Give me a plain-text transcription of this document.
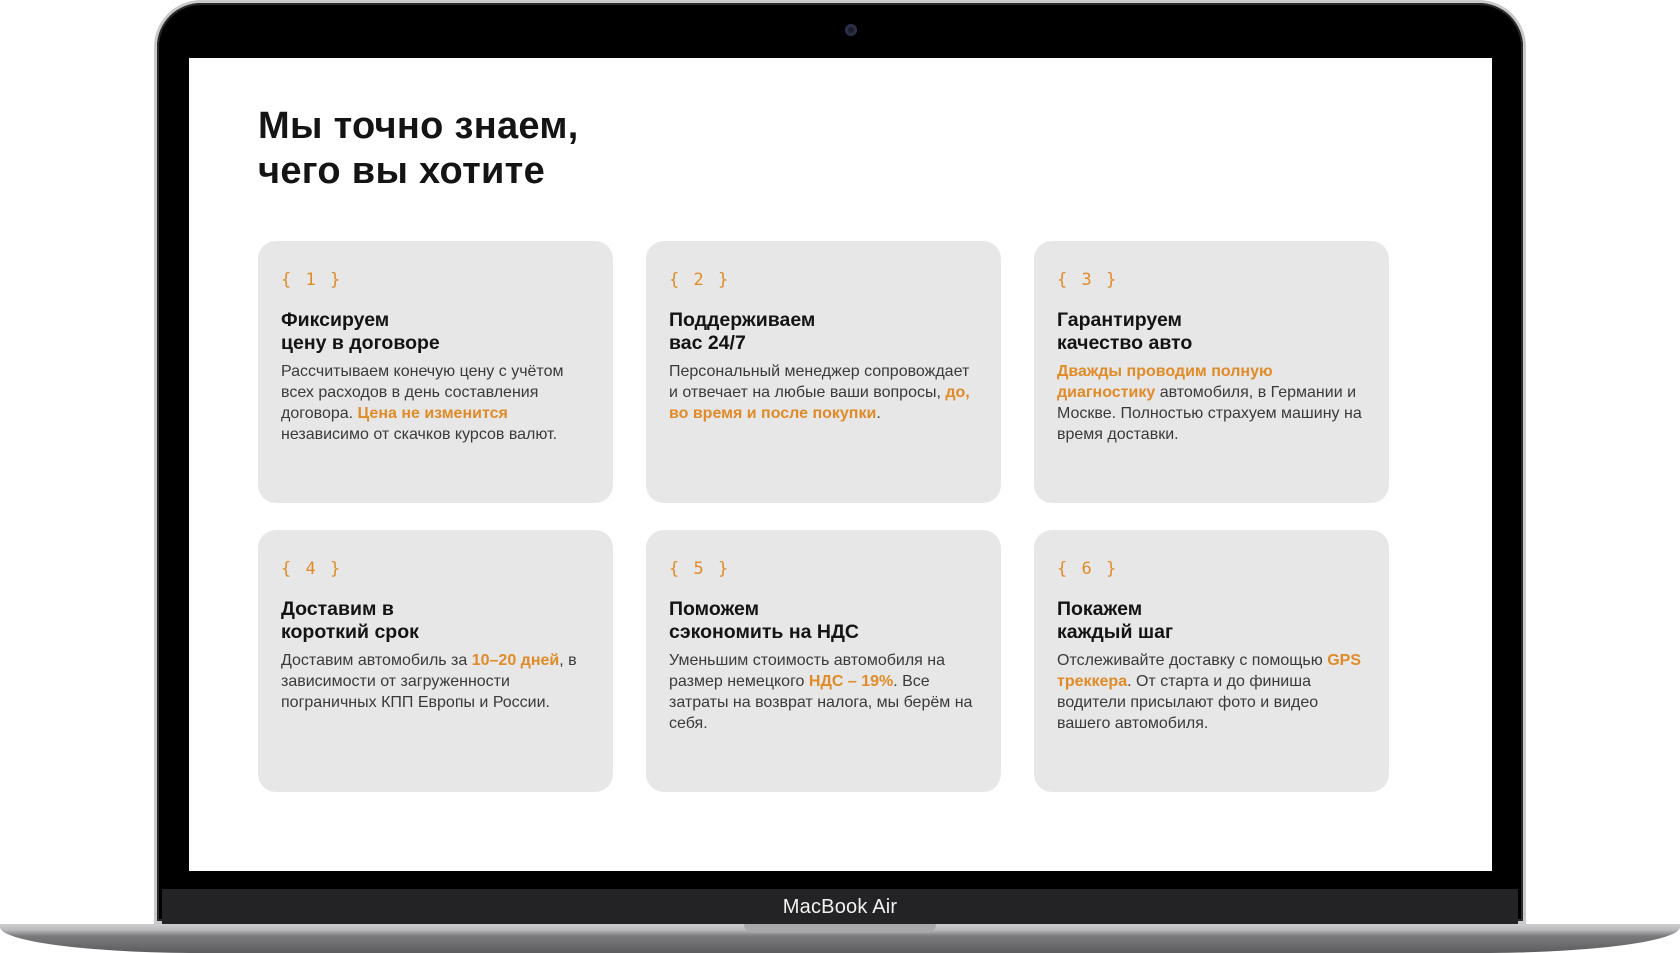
Мы точно знаем,
чего вы хотите
{ 1 }
Фиксируем
цену в договоре
Рассчитываем конечую цену с учётом всех расходов в день составления договора. Цена не изменится независимо от скачков курсов валют.
{ 2 }
Поддерживаем
вас 24/7
Персональный менеджер сопровождает и отвечает на любые ваши вопросы, до, во время и после покупки.
{ 3 }
Гарантируем
качество авто
Дважды проводим полную диагностику автомобиля, в Германии и Москве. Полностью страхуем машину на время доставки.
{ 4 }
Доставим в
короткий срок
Доставим автомобиль за 10–20 дней, в зависимости от загруженности пограничных КПП Европы и России.
{ 5 }
Поможем
сэкономить на НДС
Уменьшим стоимость автомобиля на размер немецкого НДС – 19%. Все затраты на возврат налога, мы берём на себя.
{ 6 }
Покажем
каждый шаг
Отслеживайте доставку с помощью GPS треккера. От старта и до финиша водители присылают фото и видео вашего автомобиля.
MacBook Air
